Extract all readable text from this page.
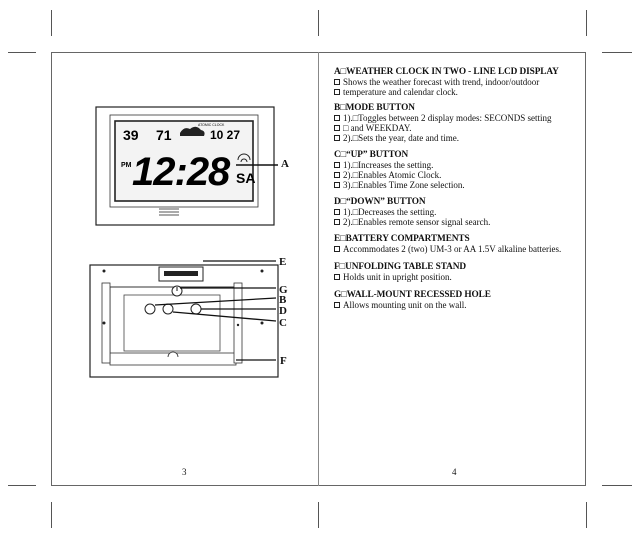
39 71	10 27
ATOMIC CLOCK
PM 12:28 SA
A
E
G
B
D
C
F
3	4
A□WEATHER CLOCK IN TWO - LINE LCD DISPLAY
Shows the weather forecast with trend, indoor/outdoor
temperature and calendar clock.
B□MODE BUTTON
1).□Toggles between 2 display modes: SECONDS setting
□ and WEEKDAY.
2).□Sets the year, date and time.
C□“UP” BUTTON
1).□Increases the setting.
2).□Enables Atomic Clock.
3).□Enables Time Zone selection.
D□“DOWN” BUTTON
1).□Decreases the setting.
2).□Enables remote sensor signal search.
E□BATTERY COMPARTMENTS
Accommodates 2 (two) UM-3 or AA 1.5V alkaline batteries.
F□UNFOLDING TABLE STAND
Holds unit in upright position.
G□WALL-MOUNT RECESSED HOLE
Allows mounting unit on the wall.
